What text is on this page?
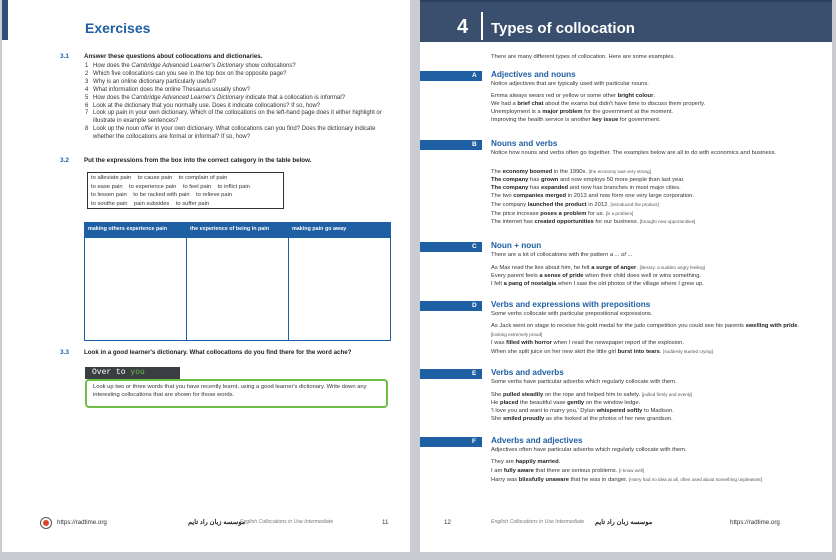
Exercises
3.1 Answer these questions about collocations and dictionaries.
1 How does the Cambridge Advanced Learner's Dictionary show collocations?
2 Which five collocations can you see in the top box on the opposite page?
3 Why is an online dictionary particularly useful?
4 What information does the online Thesaurus usually show?
5 How does the Cambridge Advanced Learner's Dictionary indicate that a collocation is informal?
6 Look at the dictionary that you normally use. Does it indicate collocations? If so, how?
7 Look up pain in your own dictionary. Which of the collocations on the left-hand page does it either highlight or illustrate in example sentences?
8 Look up the noun offer in your own dictionary. What collocations can you find? Does the dictionary indicate whether the collocations are formal or informal? If so, how?
3.2 Put the expressions from the box into the correct category in the table below.
to alleviate pain    to cause pain    to complain of pain
to ease pain    to experience pain    to feel pain    to inflict pain
to lessen pain    to be racked with pain    to relieve pain
to soothe pain    pain subsides    to suffer pain
making others experience pain	the experience of being in pain	making pain go away
3.3 Look in a good learner's dictionary. What collocations do you find there for the word ache?
Over to you
Look up two or three words that you have recently learnt, using a good learner's dictionary. Write down any interesting collocations that are shown for those words.
https://radtime.org	موسسه زبان راد تایم
English Collocations in Use Intermediate	11
4 Types of collocation
There are many different types of collocation. Here are some examples.
A Adjectives and nouns
Notice adjectives that are typically used with particular nouns.
Emma always wears red or yellow or some other bright colour.
We had a brief chat about the exams but didn't have time to discuss them properly.
Unemployment is a major problem for the government at the moment.
Improving the health service is another key issue for government.
B Nouns and verbs
Notice how nouns and verbs often go together. The examples below are all to do with economics and business.
The economy boomed in the 1990s. [the economy was very strong]
The company has grown and now employs 50 more people than last year.
The company has expanded and now has branches in most major cities.
The two companies merged in 2013 and now form one very large corporation.
The company launched the product in 2012. [introduced the product]
The price increase poses a problem for us. [is a problem]
The internet has created opportunities for our business. [brought new opportunities]
C Noun + noun
There are a lot of collocations with the pattern a ... of ...
As Max read the lies about him, he felt a surge of anger. [literary: a sudden angry feeling]
Every parent feels a sense of pride when their child does well or wins something.
I felt a pang of nostalgia when I saw the old photos of the village where I grew up.
D Verbs and expressions with prepositions
Some verbs collocate with particular prepositional expressions.
As Jack went on stage to receive his gold medal for the judo competition you could see his parents swelling with pride. [looking extremely proud]
I was filled with horror when I read the newspaper report of the explosion.
When she spilt juice on her new skirt the little girl burst into tears. [suddenly started crying]
E Verbs and adverbs
Some verbs have particular adverbs which regularly collocate with them.
She pulled steadily on the rope and helped him to safety. [pulled firmly and evenly]
He placed the beautiful vase gently on the window ledge.
'I love you and want to marry you,' Dylan whispered softly to Madison.
She smiled proudly as she looked at the photos of her new grandson.
F Adverbs and adjectives
Adjectives often have particular adverbs which regularly collocate with them.
They are happily married.
I am fully aware that there are serious problems. [I know well]
Harry was blissfully unaware that he was in danger. [Harry had no idea at all, often used about something unpleasant]
12	English Collocations in Use Intermediate موسسه زبان راد تایم	https://radtime.org
